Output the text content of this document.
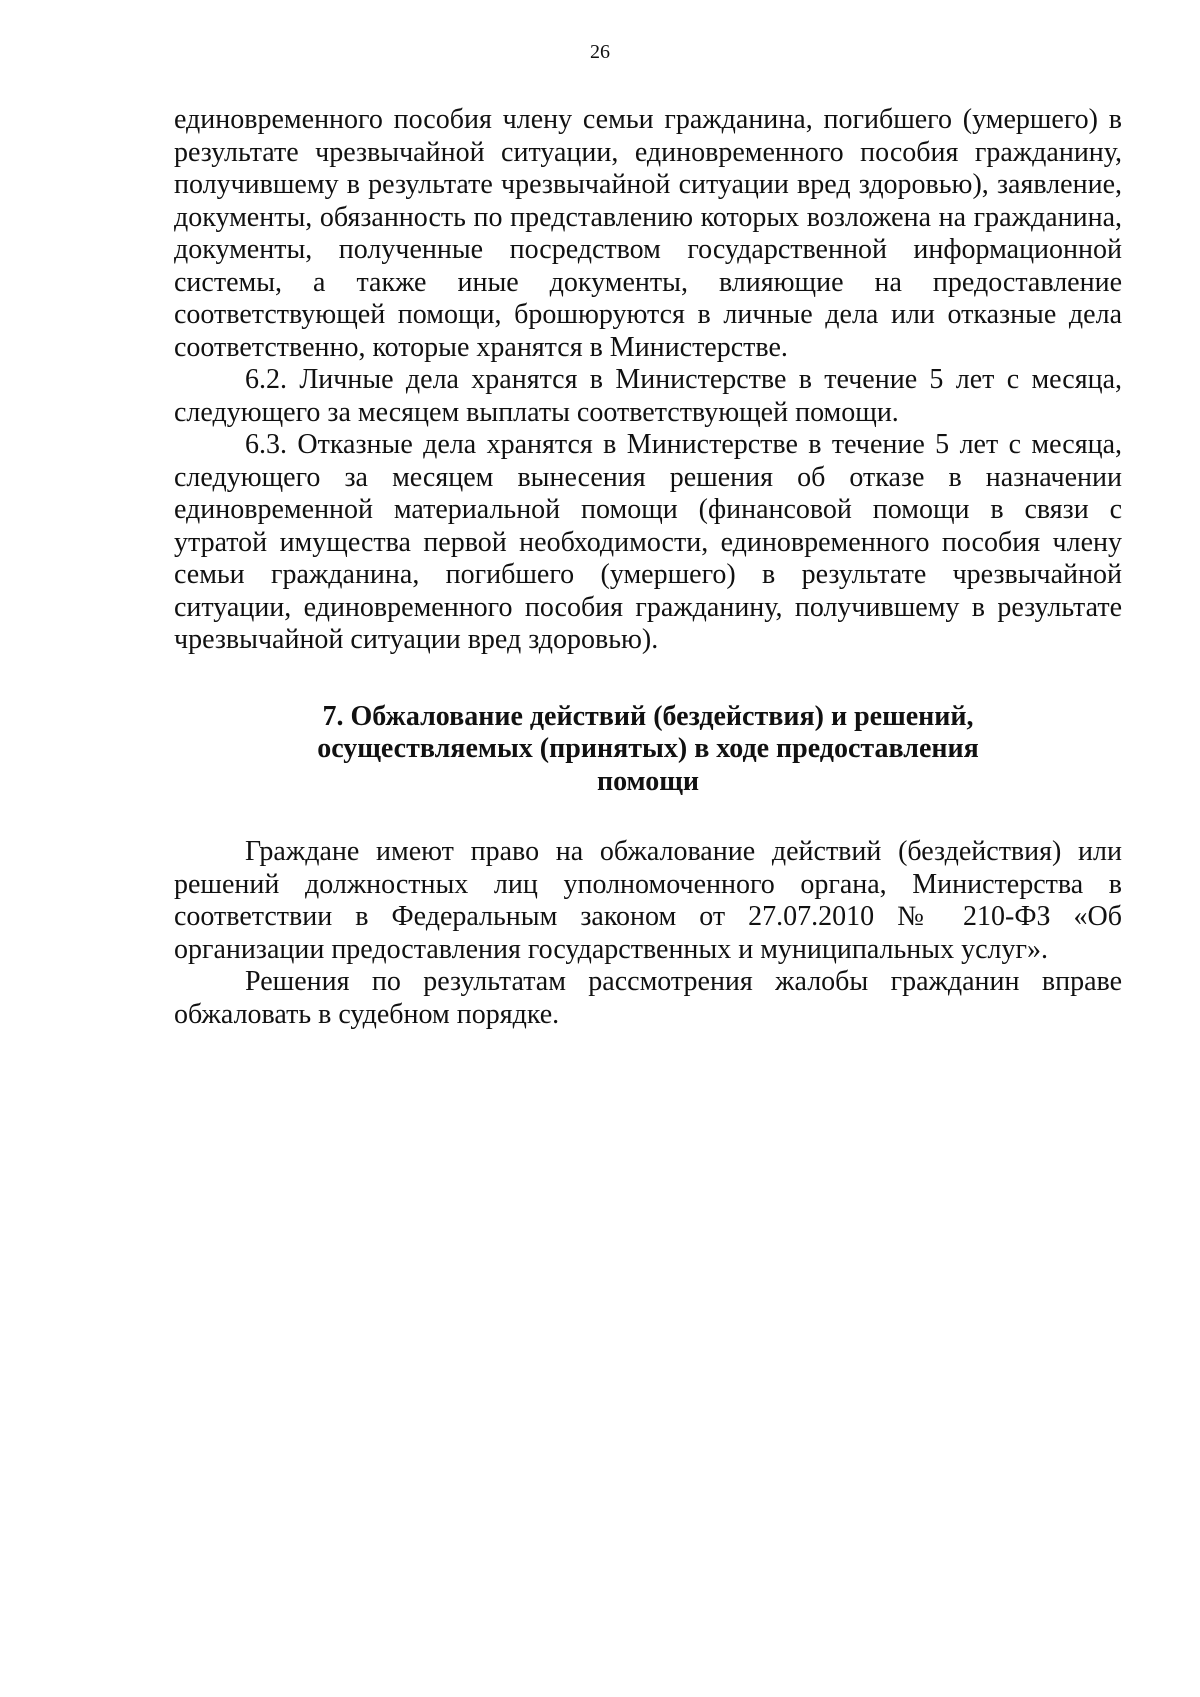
26

единовременного пособия члену семьи гражданина, погибшего (умершего) в результате чрезвычайной ситуации, единовременного пособия гражданину, получившему в результате чрезвычайной ситуации вред здоровью), заявление, документы, обязанность по представлению которых возложена на гражданина, документы, полученные посредством государственной информационной системы, а также иные документы, влияющие на предоставление соответствующей помощи, брошюруются в личные дела или отказные дела соответственно, которые хранятся в Министерстве.

6.2. Личные дела хранятся в Министерстве в течение 5 лет с месяца, следующего за месяцем выплаты соответствующей помощи.

6.3. Отказные дела хранятся в Министерстве в течение 5 лет с месяца, следующего за месяцем вынесения решения об отказе в назначении единовременной материальной помощи (финансовой помощи в связи с утратой имущества первой необходимости, единовременного пособия члену семьи гражданина, погибшего (умершего) в результате чрезвычайной ситуации, единовременного пособия гражданину, получившему в результате чрезвычайной ситуации вред здоровью).

7. Обжалование действий (бездействия) и решений,
осуществляемых (принятых) в ходе предоставления
помощи

Граждане имеют право на обжалование действий (бездействия) или решений должностных лиц уполномоченного органа, Министерства в соответствии в Федеральным законом от 27.07.2010 № 210-ФЗ «Об организации предоставления государственных и муниципальных услуг».

Решения по результатам рассмотрения жалобы гражданин вправе обжаловать в судебном порядке.
